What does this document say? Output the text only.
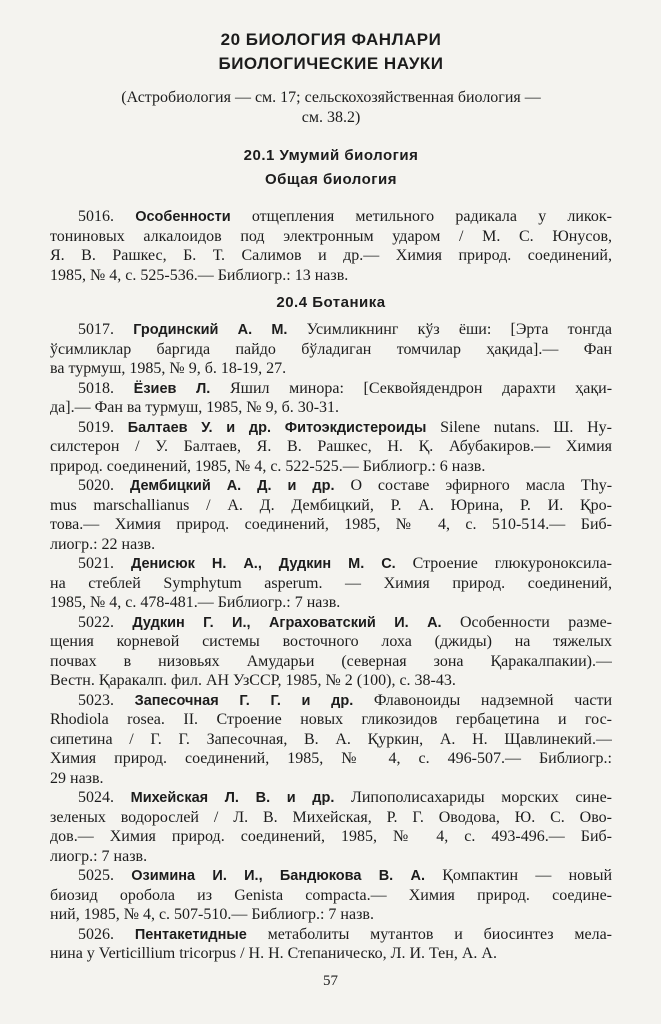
20 БИОЛОГИЯ ФАНЛАРИ
БИОЛОГИЧЕСКИЕ НАУКИ
(Астробиология — см. 17; сельскохозяйственная биология —
см. 38.2)
20.1 Умумий биология
Общая биология
5016. Особенности отщепления метильного радикала у ликок-
тониновых алкалоидов под электронным ударом / М. С. Юнусов,
Я. В. Рашкес, Б. Т. Салимов и др.— Химия природ. соединений,
1985, № 4, с. 525-536.— Библиогр.: 13 назв.
20.4 Ботаника
5017. Гродинский А. М. Усимликнинг кўз ёши: [Эрта тонгда
ўсимликлар баргида пайдо бўладиган томчилар ҳақида].— Фан
ва турмуш, 1985, № 9, б. 18-19, 27.
5018. Ёзиев Л. Яшил минора: [Секвойядендрон дарахти ҳақи-
да].— Фан ва турмуш, 1985, № 9, б. 30-31.
5019. Балтаев У. и др. Фитоэкдистероиды Silene nutans. Ш. Ну-
силстерон / У. Балтаев, Я. В. Рашкес, Н. Қ. Абубакиров.— Химия
природ. соединений, 1985, № 4, с. 522-525.— Библиогр.: 6 назв.
5020. Дембицкий А. Д. и др. О составе эфирного масла Thy-
mus marschallianus / А. Д. Дембицкий, Р. А. Юрина, Р. И. Қро-
това.— Химия природ. соединений, 1985, № 4, с. 510-514.— Биб-
лиогр.: 22 назв.
5021. Денисюк Н. А., Дудкин М. С. Строение глюкуроноксила-
на стеблей Symphytum asperum. — Химия природ. соединений,
1985, № 4, с. 478-481.— Библиогр.: 7 назв.
5022. Дудкин Г. И., Аграховатский И. А. Особенности разме-
щения корневой системы восточного лоха (джиды) на тяжелых
почвах в низовьях Амударьи (северная зона Қаракалпакии).—
Вестн. Қаракалп. фил. АН УзССР, 1985, № 2 (100), с. 38-43.
5023. Запесочная Г. Г. и др. Флавоноиды надземной части
Rhodiola rosea. II. Строение новых гликозидов гербацетина и гос-
сипетина / Г. Г. Запесочная, В. А. Қуркин, А. Н. Щавлинекий.—
Химия природ. соединений, 1985, № 4, с. 496-507.— Библиогр.:
29 назв.
5024. Михейская Л. В. и др. Липополисахариды морских сине-
зеленых водорослей / Л. В. Михейская, Р. Г. Оводова, Ю. С. Ово-
дов.— Химия природ. соединений, 1985, № 4, с. 493-496.— Биб-
лиогр.: 7 назв.
5025. Озимина И. И., Бандюкова В. А. Қомпактин — новый
биозид оробола из Genista compacta.— Химия природ. соедине-
ний, 1985, № 4, с. 507-510.— Библиогр.: 7 назв.
5026. Пентакетидные метаболиты мутантов и биосинтез мела-
нина у Verticillium tricorpus / Н. Н. Степаническо, Л. И. Тен, А. А.
57
